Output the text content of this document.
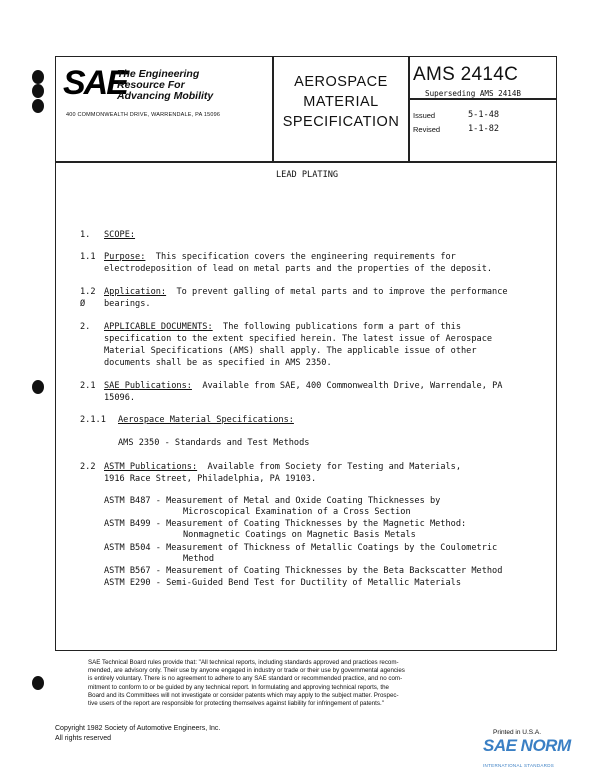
SAE
The Engineering
Resource For
Advancing Mobility
400 COMMONWEALTH DRIVE, WARRENDALE, PA 15096
AEROSPACE
MATERIAL
SPECIFICATION
AMS 2414C
Superseding AMS 2414B
Issued	5-1-48
Revised	1-1-82
LEAD PLATING
1. SCOPE:
1.1 Purpose: This specification covers the engineering requirements for
electrodeposition of lead on metal parts and the properties of the deposit.
1.2
Ø
Application: To prevent galling of metal parts and to improve the performance
bearings.
2. APPLICABLE DOCUMENTS: The following publications form a part of this
specification to the extent specified herein. The latest issue of Aerospace
Material Specifications (AMS) shall apply. The applicable issue of other
documents shall be as specified in AMS 2350.
2.1 SAE Publications: Available from SAE, 400 Commonwealth Drive, Warrendale, PA
15096.
2.1.1 Aerospace Material Specifications:
AMS 2350 - Standards and Test Methods
2.2 ASTM Publications: Available from Society for Testing and Materials,
1916 Race Street, Philadelphia, PA 19103.
ASTM B487 - Measurement of Metal and Oxide Coating Thicknesses by
Microscopical Examination of a Cross Section
ASTM B499 - Measurement of Coating Thicknesses by the Magnetic Method:
Nonmagnetic Coatings on Magnetic Basis Metals
ASTM B504 - Measurement of Thickness of Metallic Coatings by the Coulometric
Method
ASTM B567 - Measurement of Coating Thicknesses by the Beta Backscatter Method
ASTM E290 - Semi-Guided Bend Test for Ductility of Metallic Materials
SAE Technical Board rules provide that: "All technical reports, including standards approved and practices recom-
mended, are advisory only. Their use by anyone engaged in industry or trade or their use by governmental agencies
is entirely voluntary. There is no agreement to adhere to any SAE standard or recommended practice, and no com-
mitment to conform to or be guided by any technical report. In formulating and approving technical reports, the
Board and its Committees will not investigate or consider patents which may apply to the subject matter. Prospec-
tive users of the report are responsible for protecting themselves against liability for infringement of patents."
Copyright 1982 Society of Automotive Engineers, Inc.
All rights reserved
Printed in U.S.A.
SAE NORM
INTERNATIONAL STANDARDS
